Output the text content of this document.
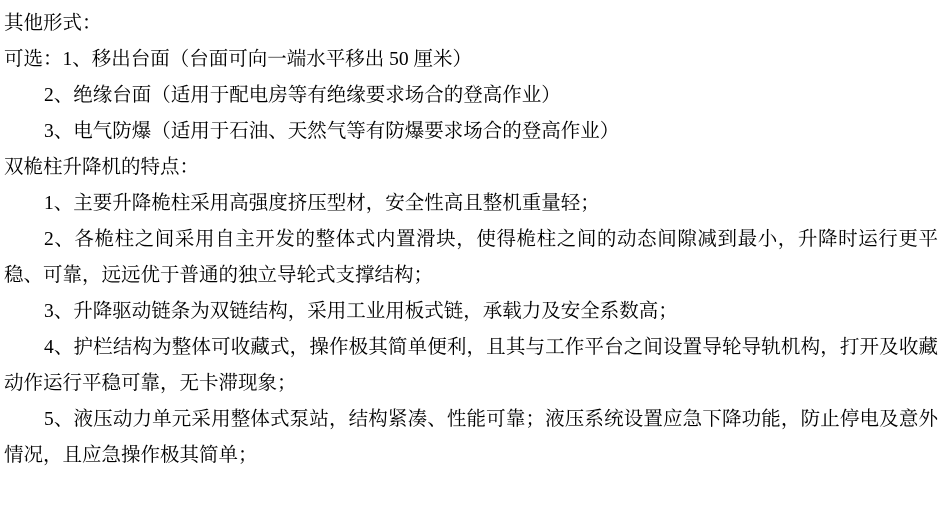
其他形式：

可选：1、移出台面（台面可向一端水平移出 50 厘米）

2、绝缘台面（适用于配电房等有绝缘要求场合的登高作业）

3、电气防爆（适用于石油、天然气等有防爆要求场合的登高作业）

双桅柱升降机的特点：

1、主要升降桅柱采用高强度挤压型材，安全性高且整机重量轻；

2、各桅柱之间采用自主开发的整体式内置滑块，使得桅柱之间的动态间隙减到最小，升降时运行更平稳、可靠，远远优于普通的独立导轮式支撑结构；

3、升降驱动链条为双链结构，采用工业用板式链，承载力及安全系数高；

4、护栏结构为整体可收藏式，操作极其简单便利，且其与工作平台之间设置导轮导轨机构，打开及收藏动作运行平稳可靠，无卡滞现象；

5、液压动力单元采用整体式泵站，结构紧凑、性能可靠；液压系统设置应急下降功能，防止停电及意外情况，且应急操作极其简单；
